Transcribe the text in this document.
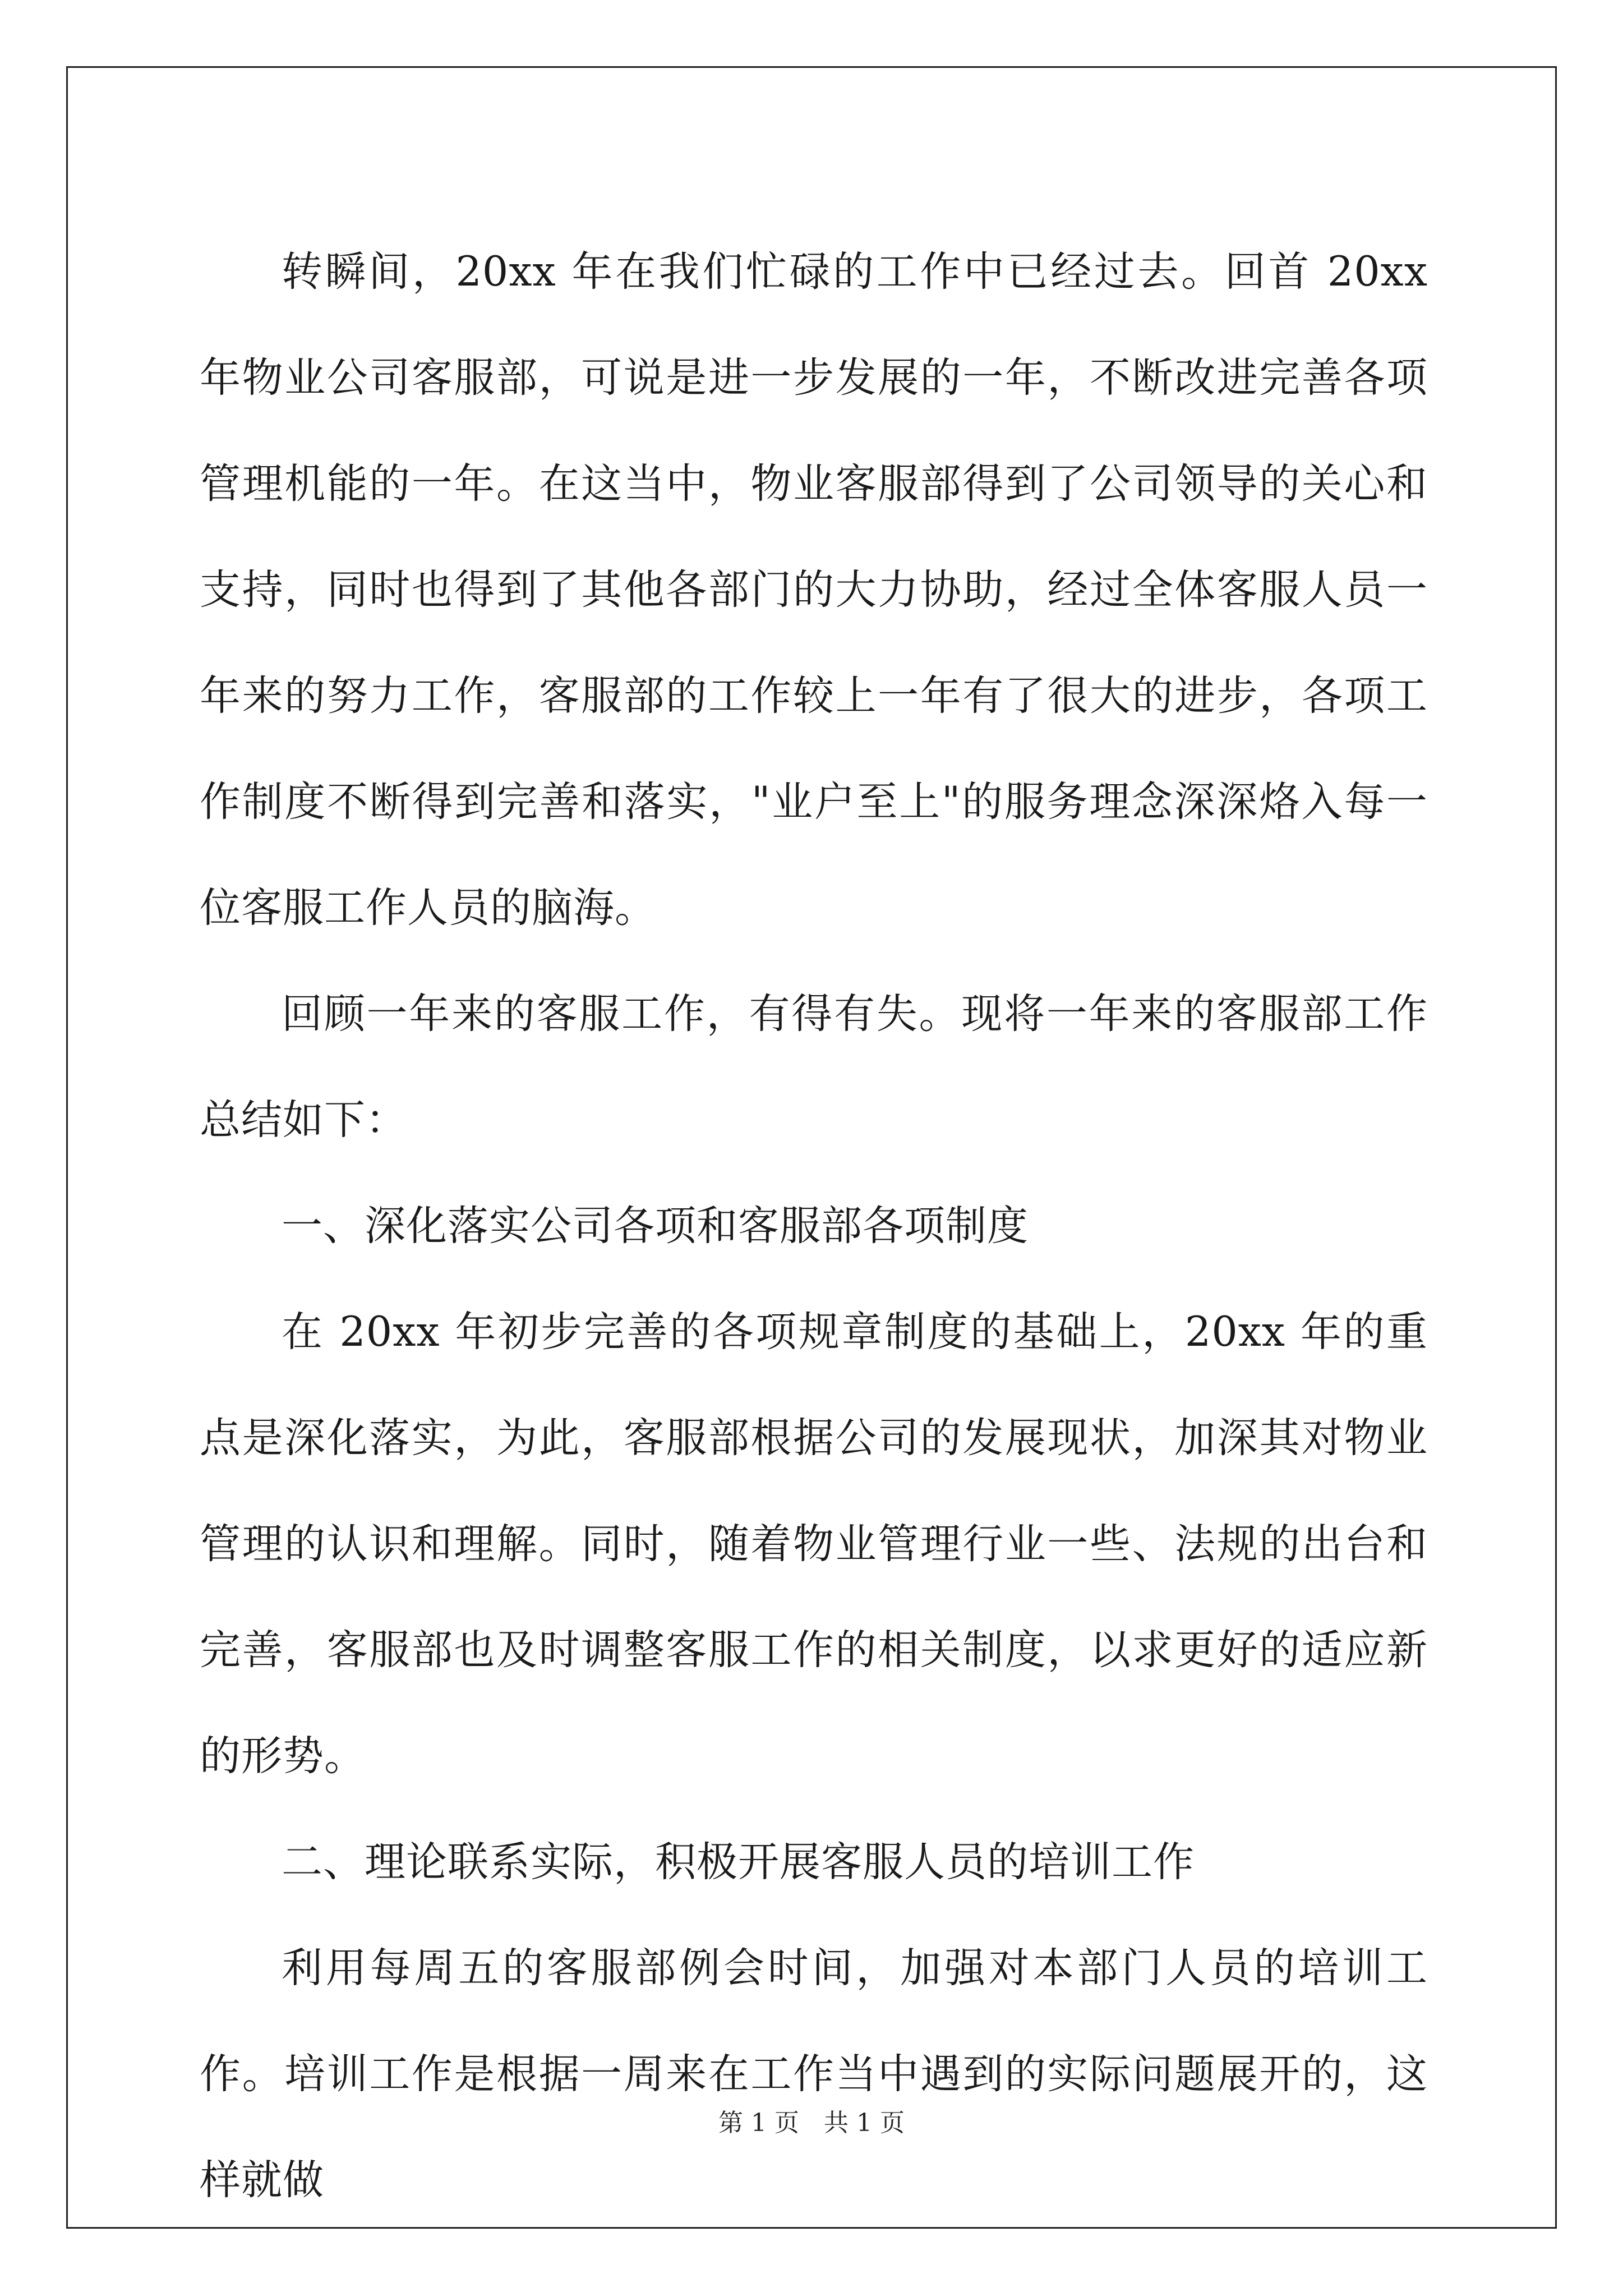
转瞬间，20xx 年在我们忙碌的工作中已经过去。回首 20xx 年物业公司客服部，可说是进一步发展的一年，不断改进完善各项管理机能的一年。在这当中，物业客服部得到了公司领导的关心和支持，同时也得到了其他各部门的大力协助，经过全体客服人员一年来的努力工作，客服部的工作较上一年有了很大的进步，各项工作制度不断得到完善和落实，"业户至上"的服务理念深深烙入每一位客服工作人员的脑海。

回顾一年来的客服工作，有得有失。现将一年来的客服部工作总结如下：

一、深化落实公司各项和客服部各项制度

在 20xx 年初步完善的各项规章制度的基础上，20xx 年的重点是深化落实，为此，客服部根据公司的发展现状，加深其对物业管理的认识和理解。同时，随着物业管理行业一些、法规的出台和完善，客服部也及时调整客服工作的相关制度，以求更好的适应新的形势。

二、理论联系实际，积极开展客服人员的培训工作

利用每周五的客服部例会时间，加强对本部门人员的培训工作。培训工作是根据一周来在工作当中遇到的实际问题展开的，这样就做

第 1 页　共 1 页
